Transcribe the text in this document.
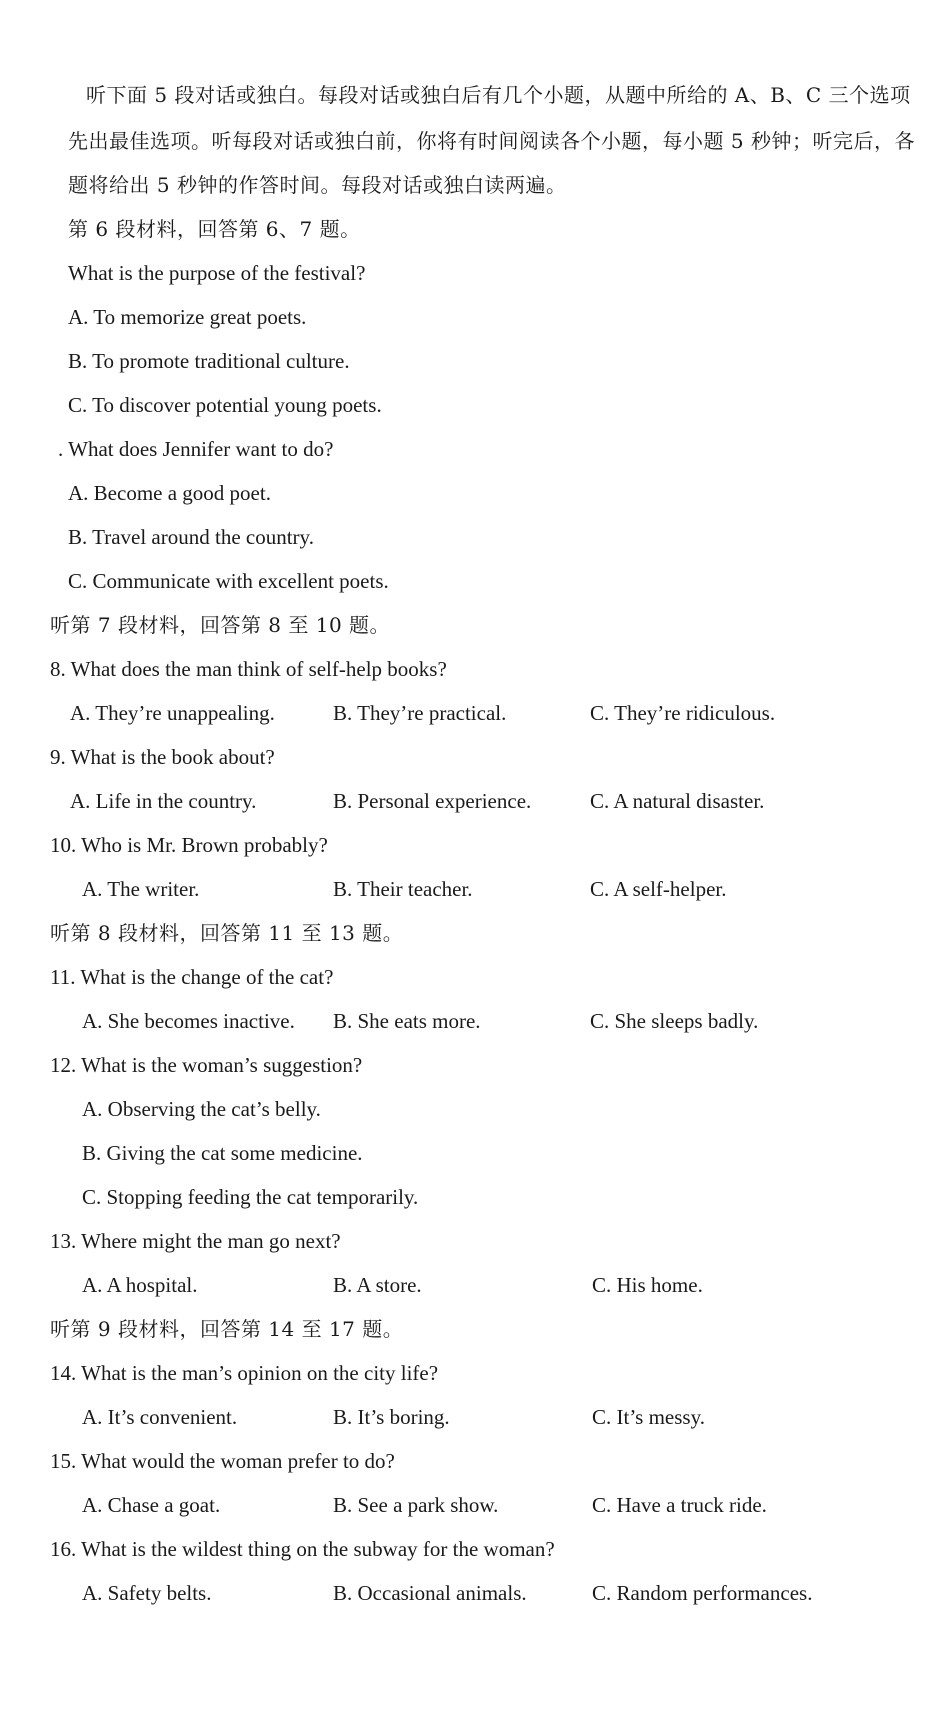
听下面 5 段对话或独白。每段对话或独白后有几个小题，从题中所给的 A、B、C 三个选项
先出最佳选项。听每段对话或独白前，你将有时间阅读各个小题，每小题 5 秒钟；听完后，各
题将给出 5 秒钟的作答时间。每段对话或独白读两遍。
第 6 段材料，回答第 6、7 题。
What is the purpose of the festival?
A. To memorize great poets.
B. To promote traditional culture.
C. To discover potential young poets.
. What does Jennifer want to do?
A. Become a good poet.
B. Travel around the country.
C. Communicate with excellent poets.
听第 7 段材料，回答第 8 至 10 题。
8. What does the man think of self-help books?
A. They’re unappealing.	B. They’re practical.	C. They’re ridiculous.
9. What is the book about?
A. Life in the country.	B. Personal experience.	C. A natural disaster.
10. Who is Mr. Brown probably?
A. The writer.	B. Their teacher.	C. A self-helper.
听第 8 段材料，回答第 11 至 13 题。
11. What is the change of the cat?
A. She becomes inactive. B. She eats more.	C. She sleeps badly.
12. What is the woman’s suggestion?
A. Observing the cat’s belly.
B. Giving the cat some medicine.
C. Stopping feeding the cat temporarily.
13. Where might the man go next?
A. A hospital.	B. A store.	C. His home.
听第 9 段材料，回答第 14 至 17 题。
14. What is the man’s opinion on the city life?
A. It’s convenient.	B. It’s boring.	C. It’s messy.
15. What would the woman prefer to do?
A. Chase a goat.	B. See a park show.	C. Have a truck ride.
16. What is the wildest thing on the subway for the woman?
A. Safety belts.	B. Occasional animals.	C. Random performances.
